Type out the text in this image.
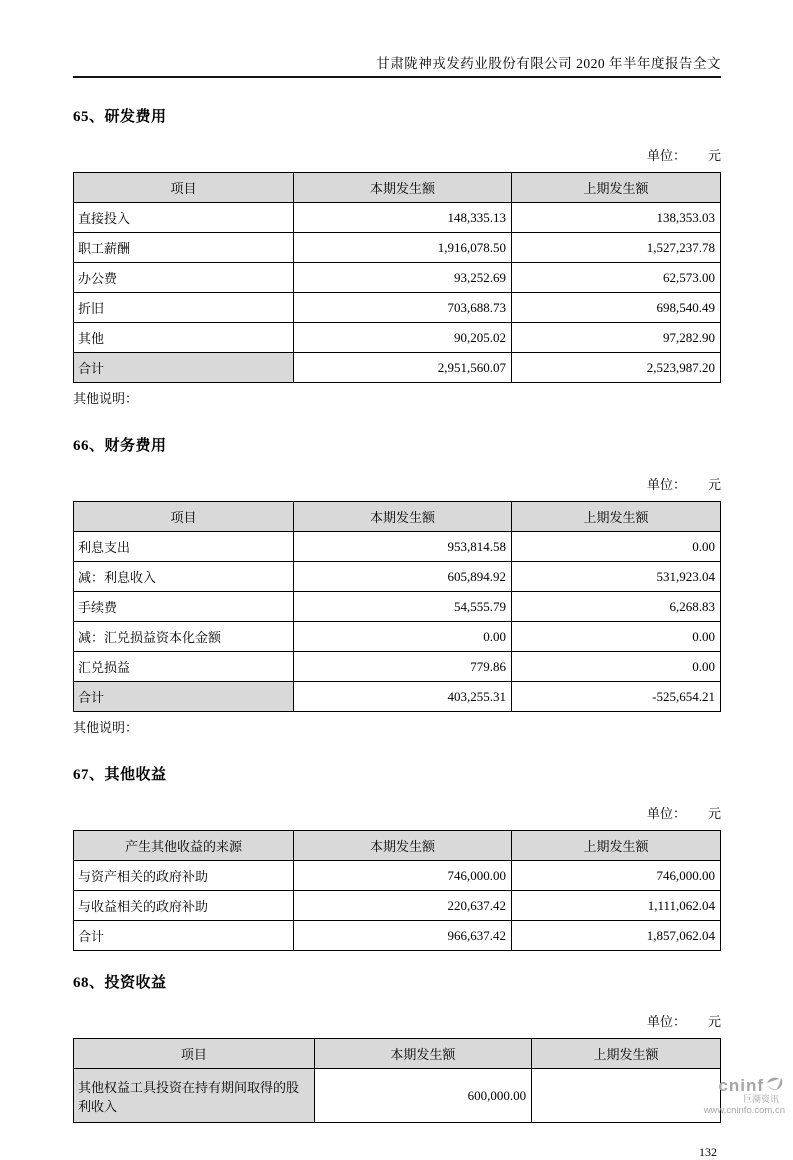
甘肃陇神戎发药业股份有限公司 2020 年半年度报告全文
65、研发费用
单位： 元
项目	本期发生额	上期发生额
直接投入	148,335.13	138,353.03
职工薪酬	1,916,078.50	1,527,237.78
办公费	93,252.69	62,573.00
折旧	703,688.73	698,540.49
其他	90,205.02	97,282.90
合计	2,951,560.07	2,523,987.20
其他说明：
66、财务费用
单位： 元
项目	本期发生额	上期发生额
利息支出	953,814.58	0.00
减：利息收入	605,894.92	531,923.04
手续费	54,555.79	6,268.83
减：汇兑损益资本化金额	0.00	0.00
汇兑损益	779.86	0.00
合计	403,255.31	-525,654.21
其他说明：
67、其他收益
单位： 元
产生其他收益的来源	本期发生额	上期发生额
与资产相关的政府补助	746,000.00	746,000.00
与收益相关的政府补助	220,637.42	1,111,062.04
合计	966,637.42	1,857,062.04
68、投资收益
单位： 元
项目	本期发生额	上期发生额
其他权益工具投资在持有期间取得的股利收入	600,000.00	
132
cninf
巨潮资讯
www.cninfo.com.cn
